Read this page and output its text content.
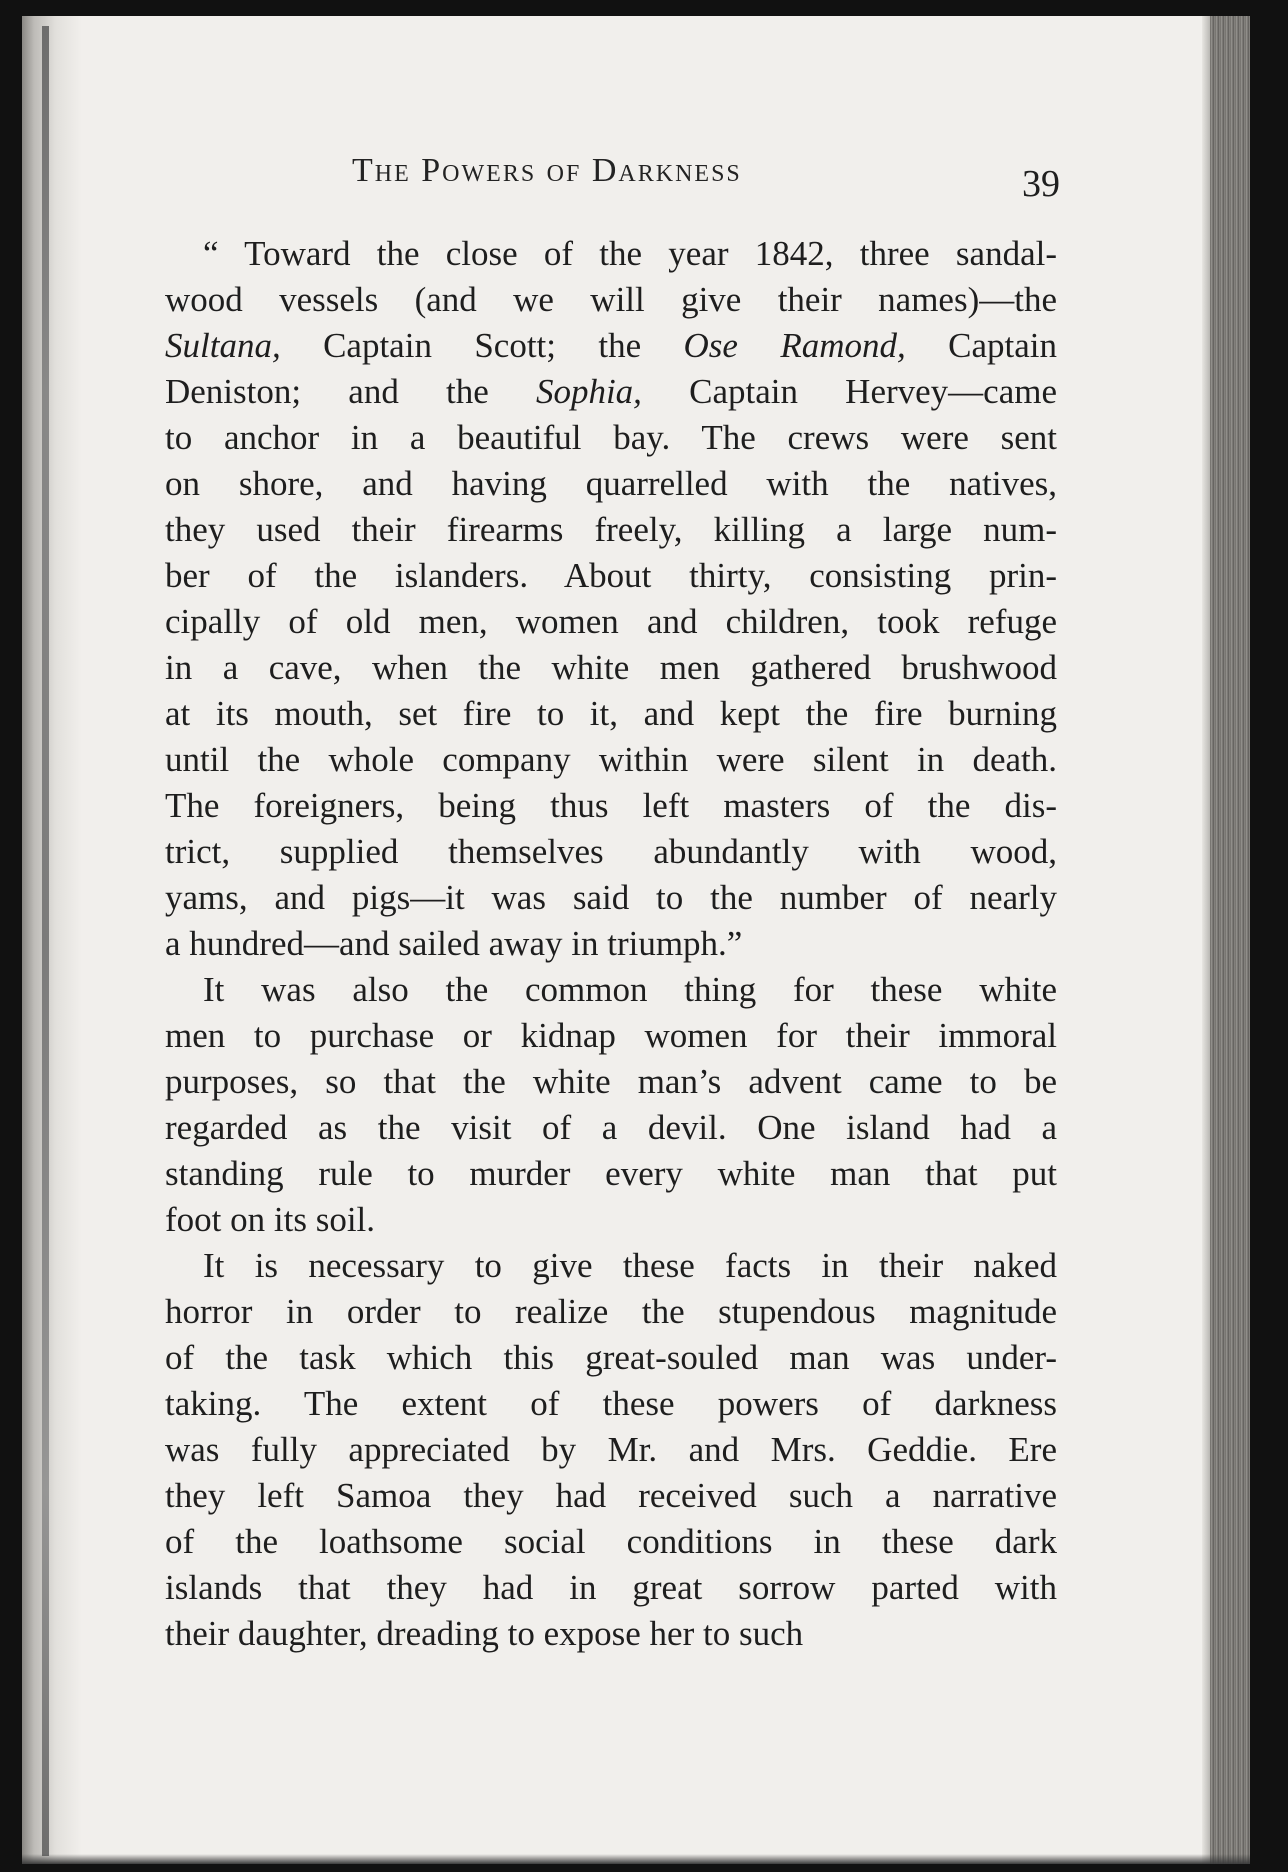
The Powers of Darkness	39
“ Toward the close of the year 1842, three sandal-
wood vessels (and we will give their names)—the
Sultana, Captain Scott; the Ose Ramond, Captain
Deniston; and the Sophia, Captain Hervey—came
to anchor in a beautiful bay. The crews were sent
on shore, and having quarrelled with the natives,
they used their firearms freely, killing a large num-
ber of the islanders. About thirty, consisting prin-
cipally of old men, women and children, took refuge
in a cave, when the white men gathered brushwood
at its mouth, set fire to it, and kept the fire burning
until the whole company within were silent in death.
The foreigners, being thus left masters of the dis-
trict, supplied themselves abundantly with wood,
yams, and pigs—it was said to the number of nearly
a hundred—and sailed away in triumph.”
It was also the common thing for these white
men to purchase or kidnap women for their immoral
purposes, so that the white man’s advent came to be
regarded as the visit of a devil. One island had a
standing rule to murder every white man that put
foot on its soil.
It is necessary to give these facts in their naked
horror in order to realize the stupendous magnitude
of the task which this great-souled man was under-
taking. The extent of these powers of darkness
was fully appreciated by Mr. and Mrs. Geddie. Ere
they left Samoa they had received such a narrative
of the loathsome social conditions in these dark
islands that they had in great sorrow parted with
their daughter, dreading to expose her to such
